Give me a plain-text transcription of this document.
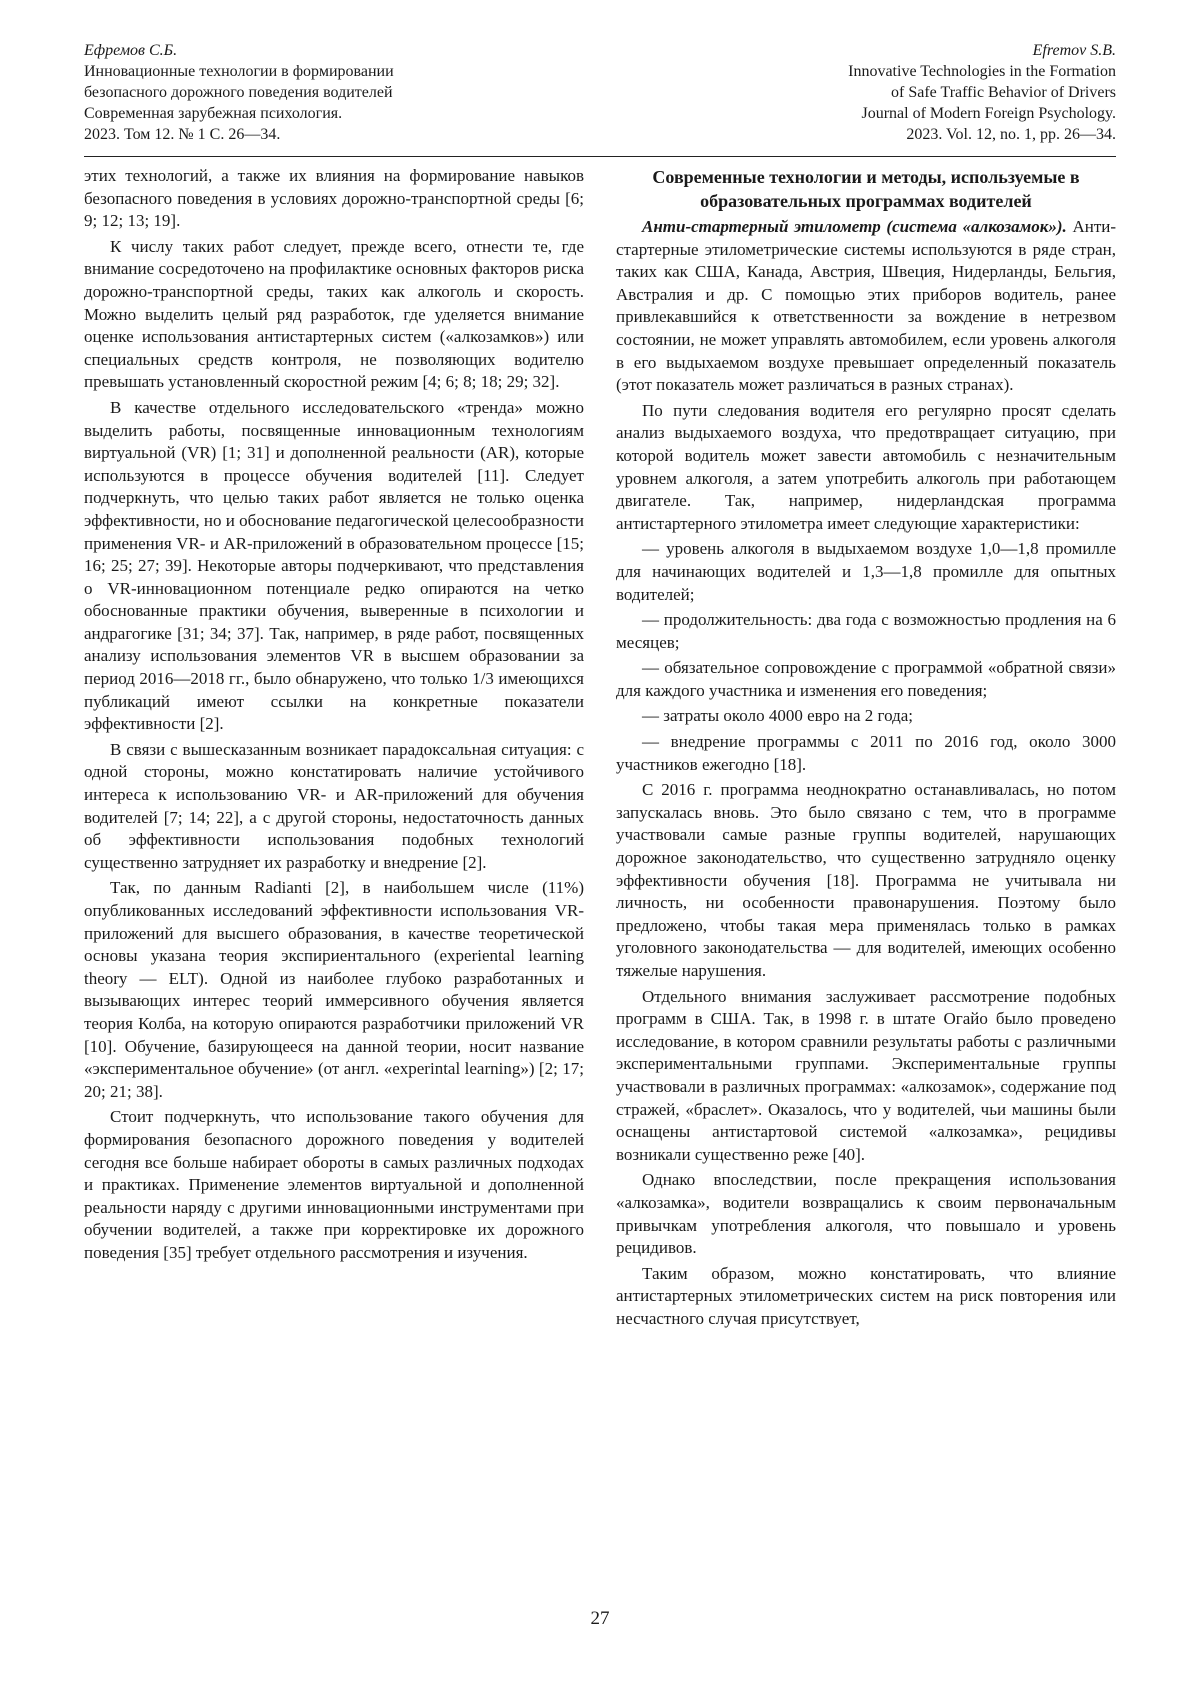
Ефремов С.Б.
Инновационные технологии в формировании
безопасного дорожного поведения водителей
Современная зарубежная психология.
2023. Том 12. № 1 С. 26—34.
Efremov S.B.
Innovative Technologies in the Formation
of Safe Traffic Behavior of Drivers
Journal of Modern Foreign Psychology.
2023. Vol. 12, no. 1, pp. 26—34.

этих технологий, а также их влияния на формирование навыков безопасного поведения в условиях дорожно-транспортной среды [6; 9; 12; 13; 19].

К числу таких работ следует, прежде всего, отнести те, где внимание сосредоточено на профилактике основных факторов риска дорожно-транспортной среды, таких как алкоголь и скорость. Можно выделить целый ряд разработок, где уделяется внимание оценке использования антистартерных систем («алкозамков») или специальных средств контроля, не позволяющих водителю превышать установленный скоростной режим [4; 6; 8; 18; 29; 32].

В качестве отдельного исследовательского «тренда» можно выделить работы, посвященные инновационным технологиям виртуальной (VR) [1; 31] и дополненной реальности (AR), которые используются в процессе обучения водителей [11]. Следует подчеркнуть, что целью таких работ является не только оценка эффективности, но и обоснование педагогической целесообразности применения VR- и AR-приложений в образовательном процессе [15; 16; 25; 27; 39]. Некоторые авторы подчеркивают, что представления о VR-инновационном потенциале редко опираются на четко обоснованные практики обучения, выверенные в психологии и андрагогике [31; 34; 37]. Так, например, в ряде работ, посвященных анализу использования элементов VR в высшем образовании за период 2016—2018 гг., было обнаружено, что только 1/3 имеющихся публикаций имеют ссылки на конкретные показатели эффективности [2].

В связи с вышесказанным возникает парадоксальная ситуация: с одной стороны, можно констатировать наличие устойчивого интереса к использованию VR- и AR-приложений для обучения водителей [7; 14; 22], а с другой стороны, недостаточность данных об эффективности использования подобных технологий существенно затрудняет их разработку и внедрение [2].

Так, по данным Radianti [2], в наибольшем числе (11%) опубликованных исследований эффективности использования VR-приложений для высшего образования, в качестве теоретической основы указана теория экспириентального (experiental learning theory — ELT). Одной из наиболее глубоко разработанных и вызывающих интерес теорий иммерсивного обучения является теория Колба, на которую опираются разработчики приложений VR [10]. Обучение, базирующееся на данной теории, носит название «экспериментальное обучение» (от англ. «experintal learning») [2; 17; 20; 21; 38].

Стоит подчеркнуть, что использование такого обучения для формирования безопасного дорожного поведения у водителей сегодня все больше набирает обороты в самых различных подходах и практиках. Применение элементов виртуальной и дополненной реальности наряду с другими инновационными инструментами при обучении водителей, а также при корректировке их дорожного поведения [35] требует отдельного рассмотрения и изучения.

Современные технологии и методы, используемые в образовательных программах водителей

Анти-стартерный этилометр (система «алкозамок»). Анти-стартерные этилометрические системы используются в ряде стран, таких как США, Канада, Австрия, Швеция, Нидерланды, Бельгия, Австралия и др. С помощью этих приборов водитель, ранее привлекавшийся к ответственности за вождение в нетрезвом состоянии, не может управлять автомобилем, если уровень алкоголя в его выдыхаемом воздухе превышает определенный показатель (этот показатель может различаться в разных странах).

По пути следования водителя его регулярно просят сделать анализ выдыхаемого воздуха, что предотвращает ситуацию, при которой водитель может завести автомобиль с незначительным уровнем алкоголя, а затем употребить алкоголь при работающем двигателе. Так, например, нидерландская программа антистартерного этилометра имеет следующие характеристики:

— уровень алкоголя в выдыхаемом воздухе 1,0—1,8 промилле для начинающих водителей и 1,3—1,8 промилле для опытных водителей;

— продолжительность: два года с возможностью продления на 6 месяцев;

— обязательное сопровождение с программой «обратной связи» для каждого участника и изменения его поведения;

— затраты около 4000 евро на 2 года;

— внедрение программы с 2011 по 2016 год, около 3000 участников ежегодно [18].

С 2016 г. программа неоднократно останавливалась, но потом запускалась вновь. Это было связано с тем, что в программе участвовали самые разные группы водителей, нарушающих дорожное законодательство, что существенно затрудняло оценку эффективности обучения [18]. Программа не учитывала ни личность, ни особенности правонарушения. Поэтому было предложено, чтобы такая мера применялась только в рамках уголовного законодательства — для водителей, имеющих особенно тяжелые нарушения.

Отдельного внимания заслуживает рассмотрение подобных программ в США. Так, в 1998 г. в штате Огайо было проведено исследование, в котором сравнили результаты работы с различными экспериментальными группами. Экспериментальные группы участвовали в различных программах: «алкозамок», содержание под стражей, «браслет». Оказалось, что у водителей, чьи машины были оснащены антистартовой системой «алкозамка», рецидивы возникали существенно реже [40].

Однако впоследствии, после прекращения использования «алкозамка», водители возвращались к своим первоначальным привычкам употребления алкоголя, что повышало и уровень рецидивов.

Таким образом, можно констатировать, что влияние антистартерных этилометрических систем на риск повторения или несчастного случая присутствует,

27
